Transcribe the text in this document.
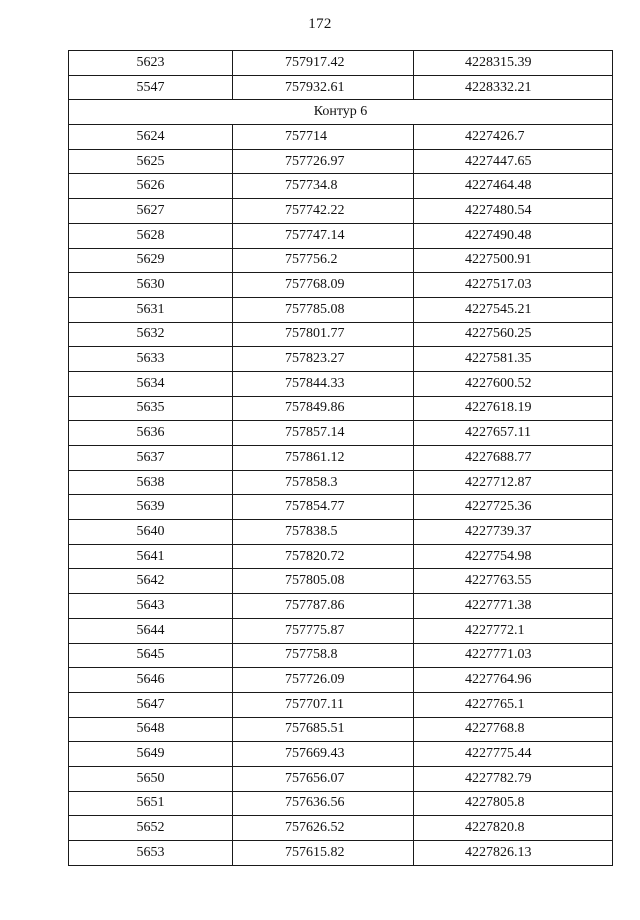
172
5623	757917.42	4228315.39
5547	757932.61	4228332.21
Контур 6		
5624	757714	4227426.7
5625	757726.97	4227447.65
5626	757734.8	4227464.48
5627	757742.22	4227480.54
5628	757747.14	4227490.48
5629	757756.2	4227500.91
5630	757768.09	4227517.03
5631	757785.08	4227545.21
5632	757801.77	4227560.25
5633	757823.27	4227581.35
5634	757844.33	4227600.52
5635	757849.86	4227618.19
5636	757857.14	4227657.11
5637	757861.12	4227688.77
5638	757858.3	4227712.87
5639	757854.77	4227725.36
5640	757838.5	4227739.37
5641	757820.72	4227754.98
5642	757805.08	4227763.55
5643	757787.86	4227771.38
5644	757775.87	4227772.1
5645	757758.8	4227771.03
5646	757726.09	4227764.96
5647	757707.11	4227765.1
5648	757685.51	4227768.8
5649	757669.43	4227775.44
5650	757656.07	4227782.79
5651	757636.56	4227805.8
5652	757626.52	4227820.8
5653	757615.82	4227826.13
